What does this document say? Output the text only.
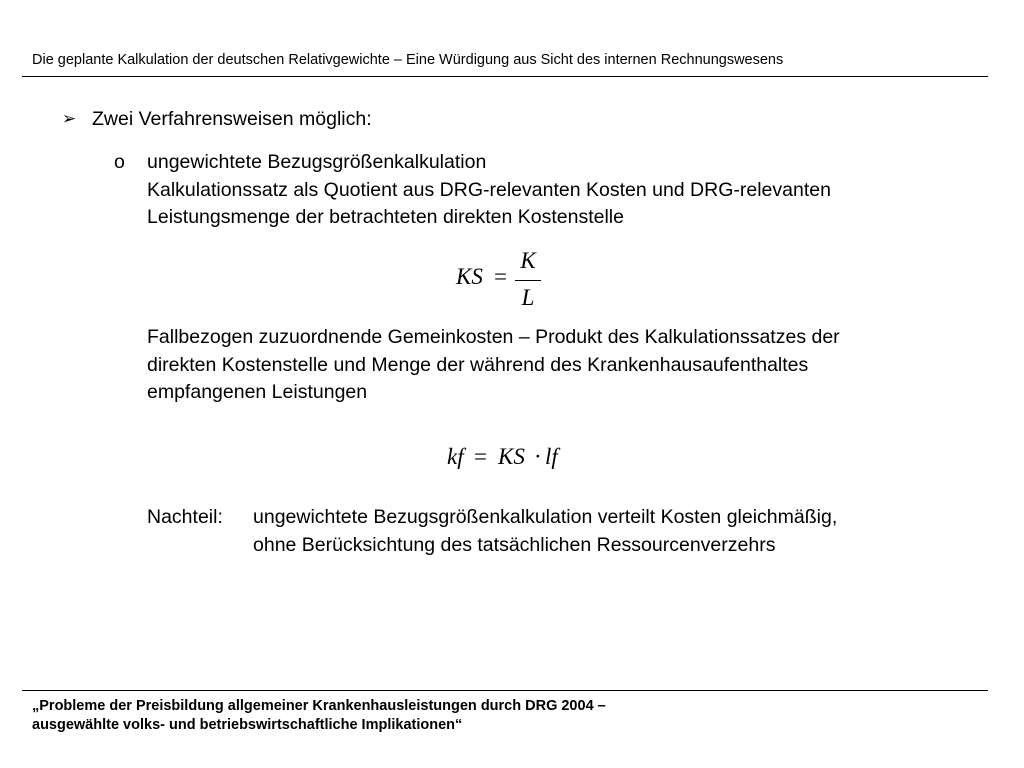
Die geplante Kalkulation der deutschen Relativgewichte – Eine Würdigung aus Sicht des internen Rechnungswesens
➢ Zwei Verfahrensweisen möglich:
o ungewichtete Bezugsgrößenkalkulation
Kalkulationssatz als Quotient aus DRG-relevanten Kosten und DRG-relevanten
Leistungsmenge der betrachteten direkten Kostenstelle
KS =
K
L
Fallbezogen zuzuordnende Gemeinkosten – Produkt des Kalkulationssatzes der
direkten Kostenstelle und Menge der während des Krankenhausaufenthaltes
empfangenen Leistungen
kf = KS · lf
Nachteil: ungewichtete Bezugsgrößenkalkulation verteilt Kosten gleichmäßig,
ohne Berücksichtung des tatsächlichen Ressourcenverzehrs
„Probleme der Preisbildung allgemeiner Krankenhausleistungen durch DRG 2004 –
ausgewählte volks- und betriebswirtschaftliche Implikationen“
